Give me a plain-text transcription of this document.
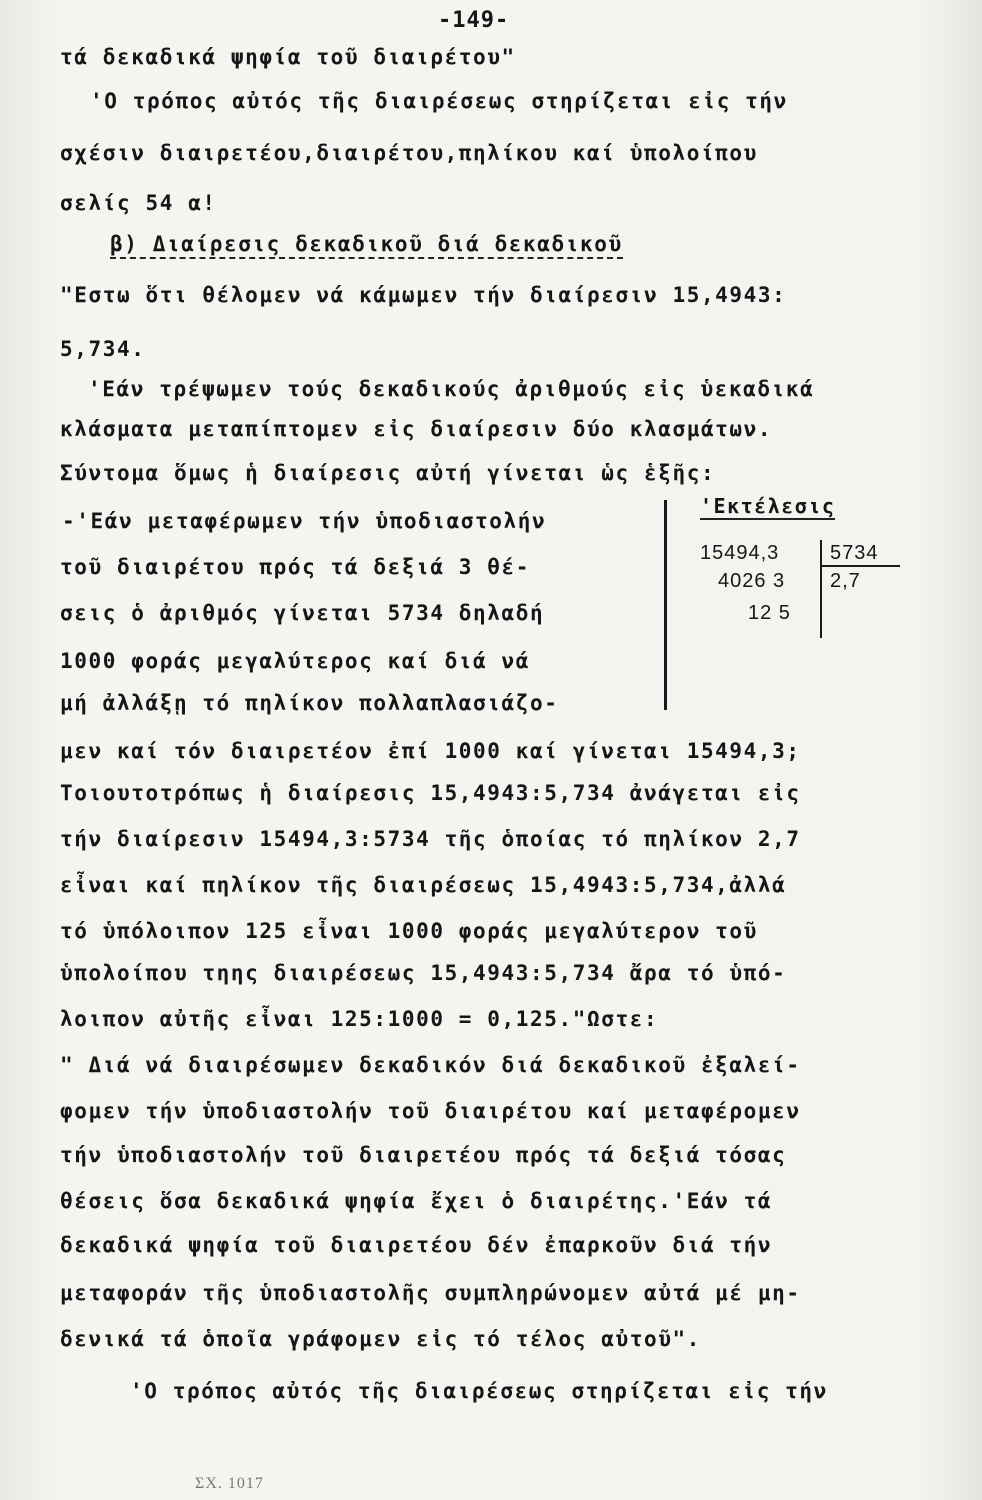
-149-
τά δεκαδικά ψηφία τοῦ διαιρέτου"
'Ο τρόπος αὐτός τῆς διαιρέσεως στηρίζεται εἰς τήν
σχέσιν διαιρετέου,διαιρέτου,πηλίκου καί ὑπολοίπου
σελίς 54 α!
β) Διαίρεσις δεκαδικοῦ διά δεκαδικοῦ
"Εστω ὅτι θέλομεν νά κάμωμεν τήν διαίρεσιν 15,4943:
5,734.
'Εάν τρέψωμεν τούς δεκαδικούς ἀριθμούς εἰς ὑεκαδικά
κλάσματα μεταπίπτομεν εἰς διαίρεσιν δύο κλασμάτων.
Σύντομα ὅμως ἡ διαίρεσις αὐτή γίνεται ὡς ἑξῆς:
-'Εάν μεταφέρωμεν τήν ὑποδιαστολήν
τοῦ διαιρέτου πρός τά δεξιά 3 θέ-
σεις ὁ ἀριθμός γίνεται 5734 δηλαδή
1000 φοράς μεγαλύτερος καί διά νά
μή ἀλλάξῃ τό πηλίκον πολλαπλασιάζο-
'Εκτέλεσις
15494,3	5734
4026 3 2,7
12 5
μεν καί τόν διαιρετέον ἐπί 1000 καί γίνεται 15494,3;
Τοιουτοτρόπως ἡ διαίρεσις 15,4943:5,734 ἀνάγεται εἰς
τήν διαίρεσιν 15494,3:5734 τῆς ὁποίας τό πηλίκον 2,7
εἶναι καί πηλίκον τῆς διαιρέσεως 15,4943:5,734,ἀλλά
τό ὑπόλοιπον 125 εἶναι 1000 φοράς μεγαλύτερον τοῦ
ὑπολοίπου τηης διαιρέσεως 15,4943:5,734 ἄρα τό ὑπό-
λοιπον αὐτῆς εἶναι 125:1000 = 0,125."Ωστε:
" Διά νά διαιρέσωμεν δεκαδικόν διά δεκαδικοῦ ἐξαλεί-
φομεν τήν ὑποδιαστολήν τοῦ διαιρέτου καί μεταφέρομεν
τήν ὑποδιαστολήν τοῦ διαιρετέου πρός τά δεξιά τόσας
θέσεις ὅσα δεκαδικά ψηφία ἔχει ὁ διαιρέτης.'Εάν τά
δεκαδικά ψηφία τοῦ διαιρετέου δέν ἐπαρκοῦν διά τήν
μεταφοράν τῆς ὑποδιαστολῆς συμπληρώνομεν αὐτά μέ μη-
δενικά τά ὁποῖα γράφομεν εἰς τό τέλος αὐτοῦ".
'Ο τρόπος αὐτός τῆς διαιρέσεως στηρίζεται εἰς τήν
ΣΧ. 1017
